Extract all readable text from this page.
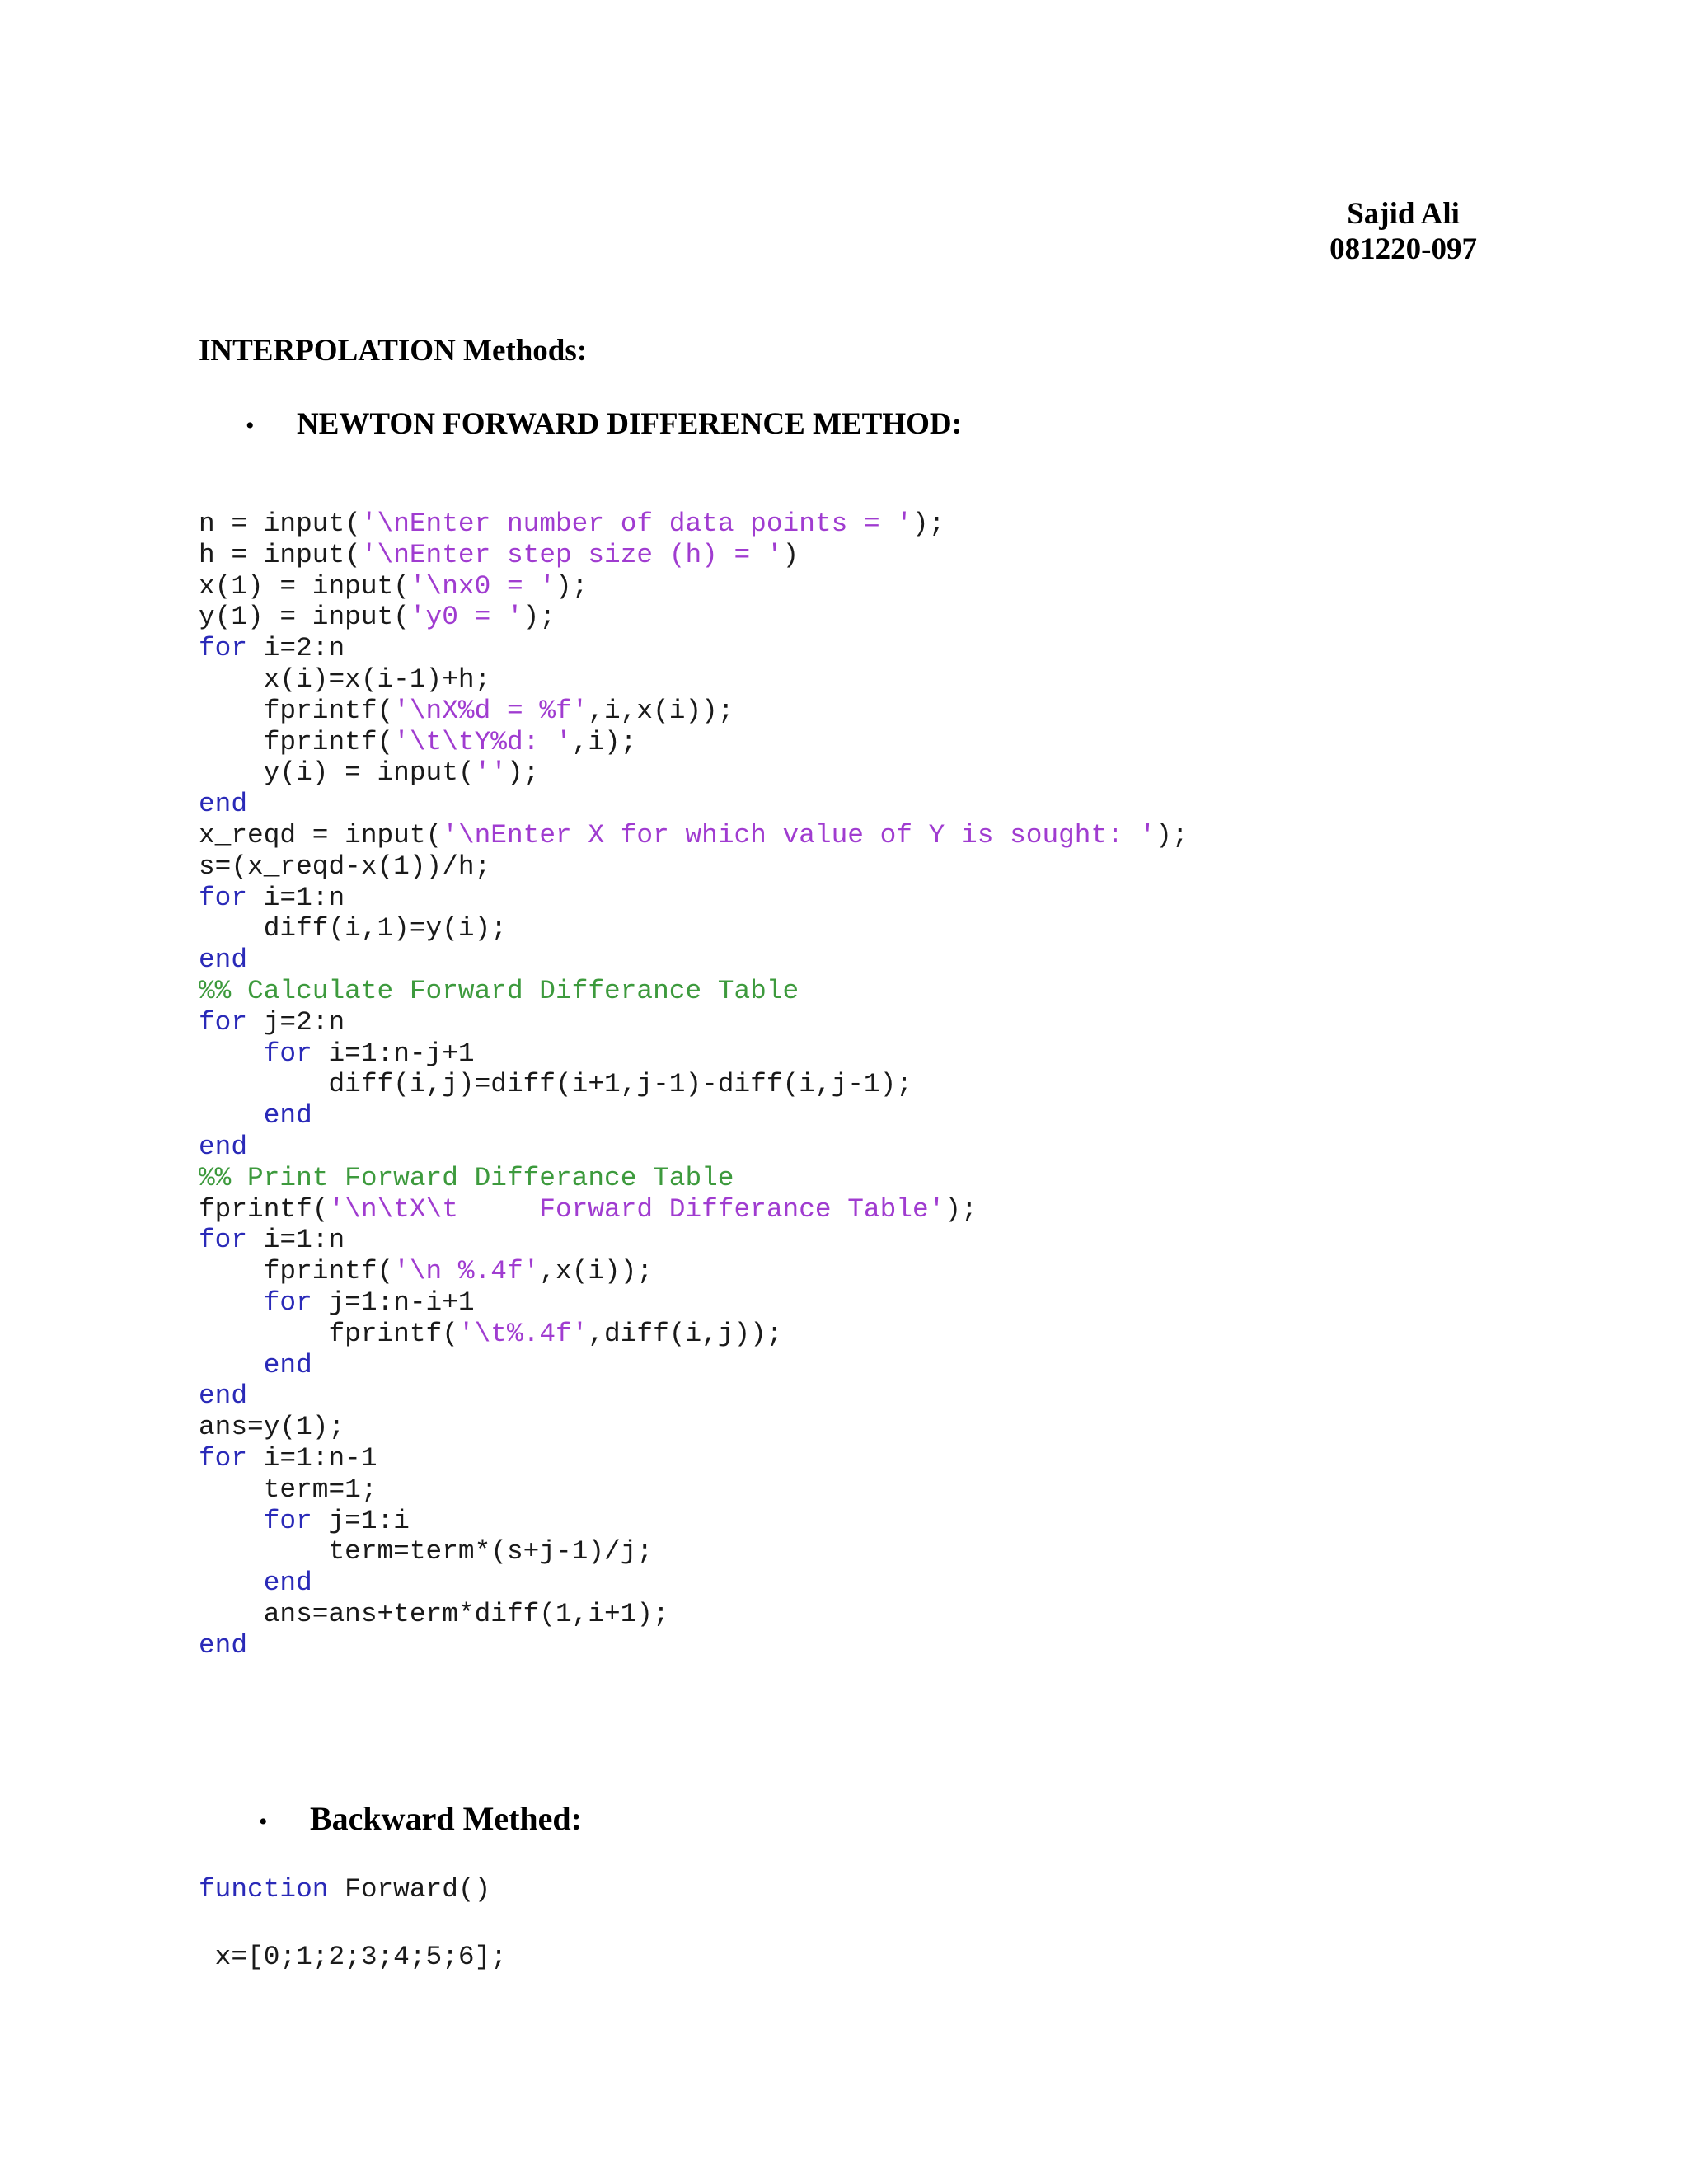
Sajid Ali
081220-097
INTERPOLATION Methods:
• NEWTON FORWARD DIFFERENCE METHOD:
n = input('\nEnter number of data points = ');
h = input('\nEnter step size (h) = ')
x(1) = input('\nx0 = ');
y(1) = input('y0 = ');
for i=2:n
x(i)=x(i-1)+h;
fprintf('\nX%d = %f',i,x(i));
fprintf('\t\tY%d: ',i);
y(i) = input('');
end
x_reqd = input('\nEnter X for which value of Y is sought: ');
s=(x_reqd-x(1))/h;
for i=1:n
diff(i,1)=y(i);
end
%% Calculate Forward Differance Table
for j=2:n
for i=1:n-j+1
diff(i,j)=diff(i+1,j-1)-diff(i,j-1);
end
end
%% Print Forward Differance Table
fprintf('\n\tX\t     Forward Differance Table');
for i=1:n
fprintf('\n %.4f',x(i));
for j=1:n-i+1
fprintf('\t%.4f',diff(i,j));
end
end
ans=y(1);
for i=1:n-1
term=1;
for j=1:i
term=term*(s+j-1)/j;
end
ans=ans+term*diff(1,i+1);
end
• Backward Methed:
function Forward()
x=[0;1;2;3;4;5;6];
